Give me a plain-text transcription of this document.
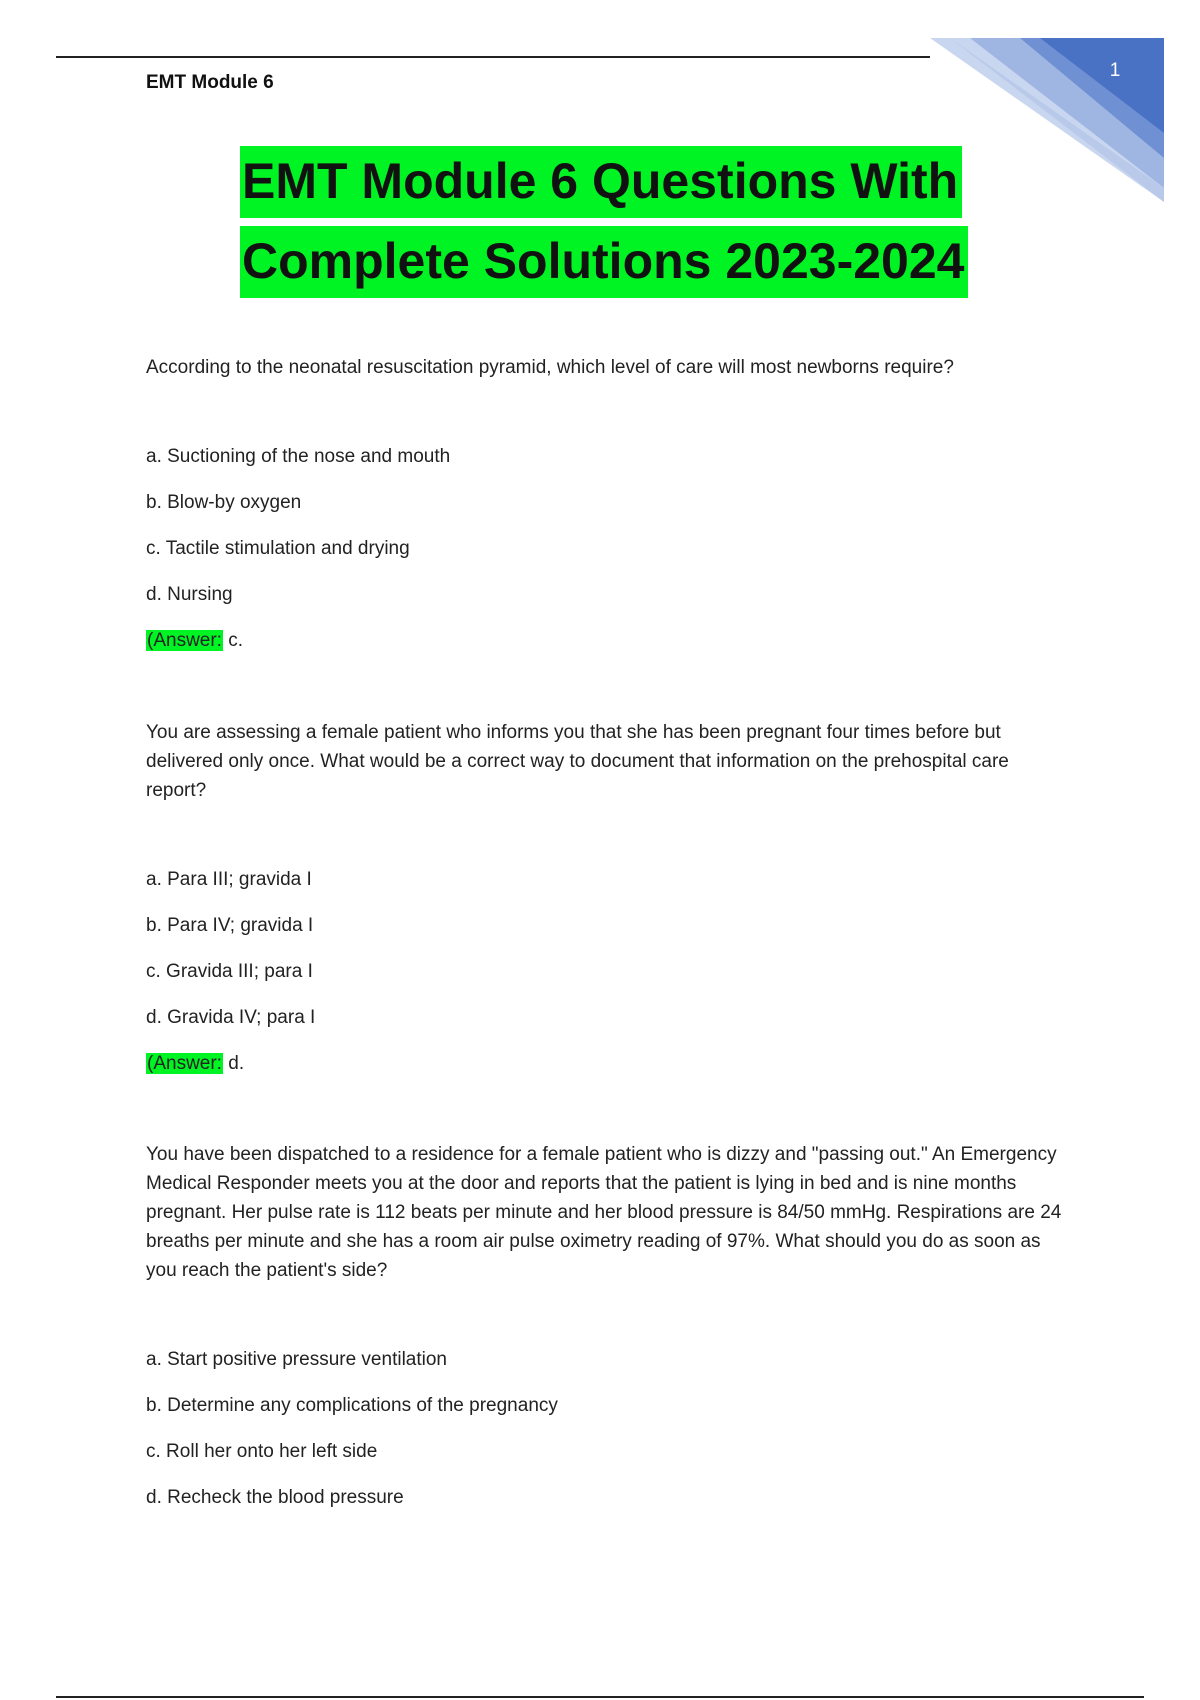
EMT Module 6
1
EMT Module 6 Questions With
Complete Solutions 2023-2024

According to the neonatal resuscitation pyramid, which level of care will most newborns require?

a. Suctioning of the nose and mouth
b. Blow-by oxygen
c. Tactile stimulation and drying
d. Nursing
(Answer: c.

You are assessing a female patient who informs you that she has been pregnant four times before but delivered only once. What would be a correct way to document that information on the prehospital care report?

a. Para III; gravida I
b. Para IV; gravida I
c. Gravida III; para I
d. Gravida IV; para I
(Answer: d.

You have been dispatched to a residence for a female patient who is dizzy and "passing out." An Emergency Medical Responder meets you at the door and reports that the patient is lying in bed and is nine months pregnant. Her pulse rate is 112 beats per minute and her blood pressure is 84/50 mmHg. Respirations are 24 breaths per minute and she has a room air pulse oximetry reading of 97%. What should you do as soon as you reach the patient's side?

a. Start positive pressure ventilation
b. Determine any complications of the pregnancy
c. Roll her onto her left side
d. Recheck the blood pressure
